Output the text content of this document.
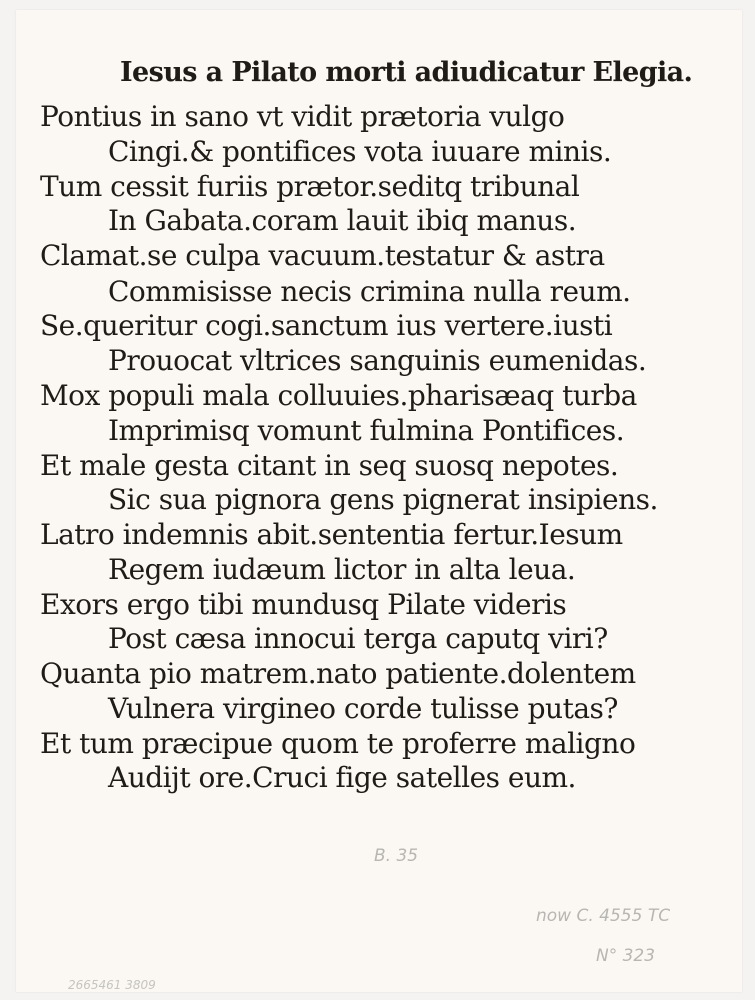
Iesus a Pilato morti adiudicatur Elegia.
Pontius in sano vt vidit prætoria vulgo
Cingi.& pontifices vota iuuare minis.
Tum cessit furiis prætor.seditq tribunal
In Gabata.coram lauit ibiq manus.
Clamat.se culpa vacuum.testatur & astra
Commisisse necis crimina nulla reum.
Se.queritur cogi.sanctum ius vertere.iusti
Prouocat vltrices sanguinis eumenidas.
Mox populi mala colluuies.pharisæaq turba
Imprimisq vomunt fulmina Pontifices.
Et male gesta citant in seq suosq nepotes.
Sic sua pignora gens pignerat insipiens.
Latro indemnis abit.sententia fertur.Iesum
Regem iudæum lictor in alta leua.
Exors ergo tibi mundusq Pilate videris
Post cæsa innocui terga caputq viri?
Quanta pio matrem.nato patiente.dolentem
Vulnera virgineo corde tulisse putas?
Et tum præcipue quom te proferre maligno
Audijt ore.Cruci fige satelles eum.
B. 35
now C. 4555 TC
N° 323
2665461 3809
